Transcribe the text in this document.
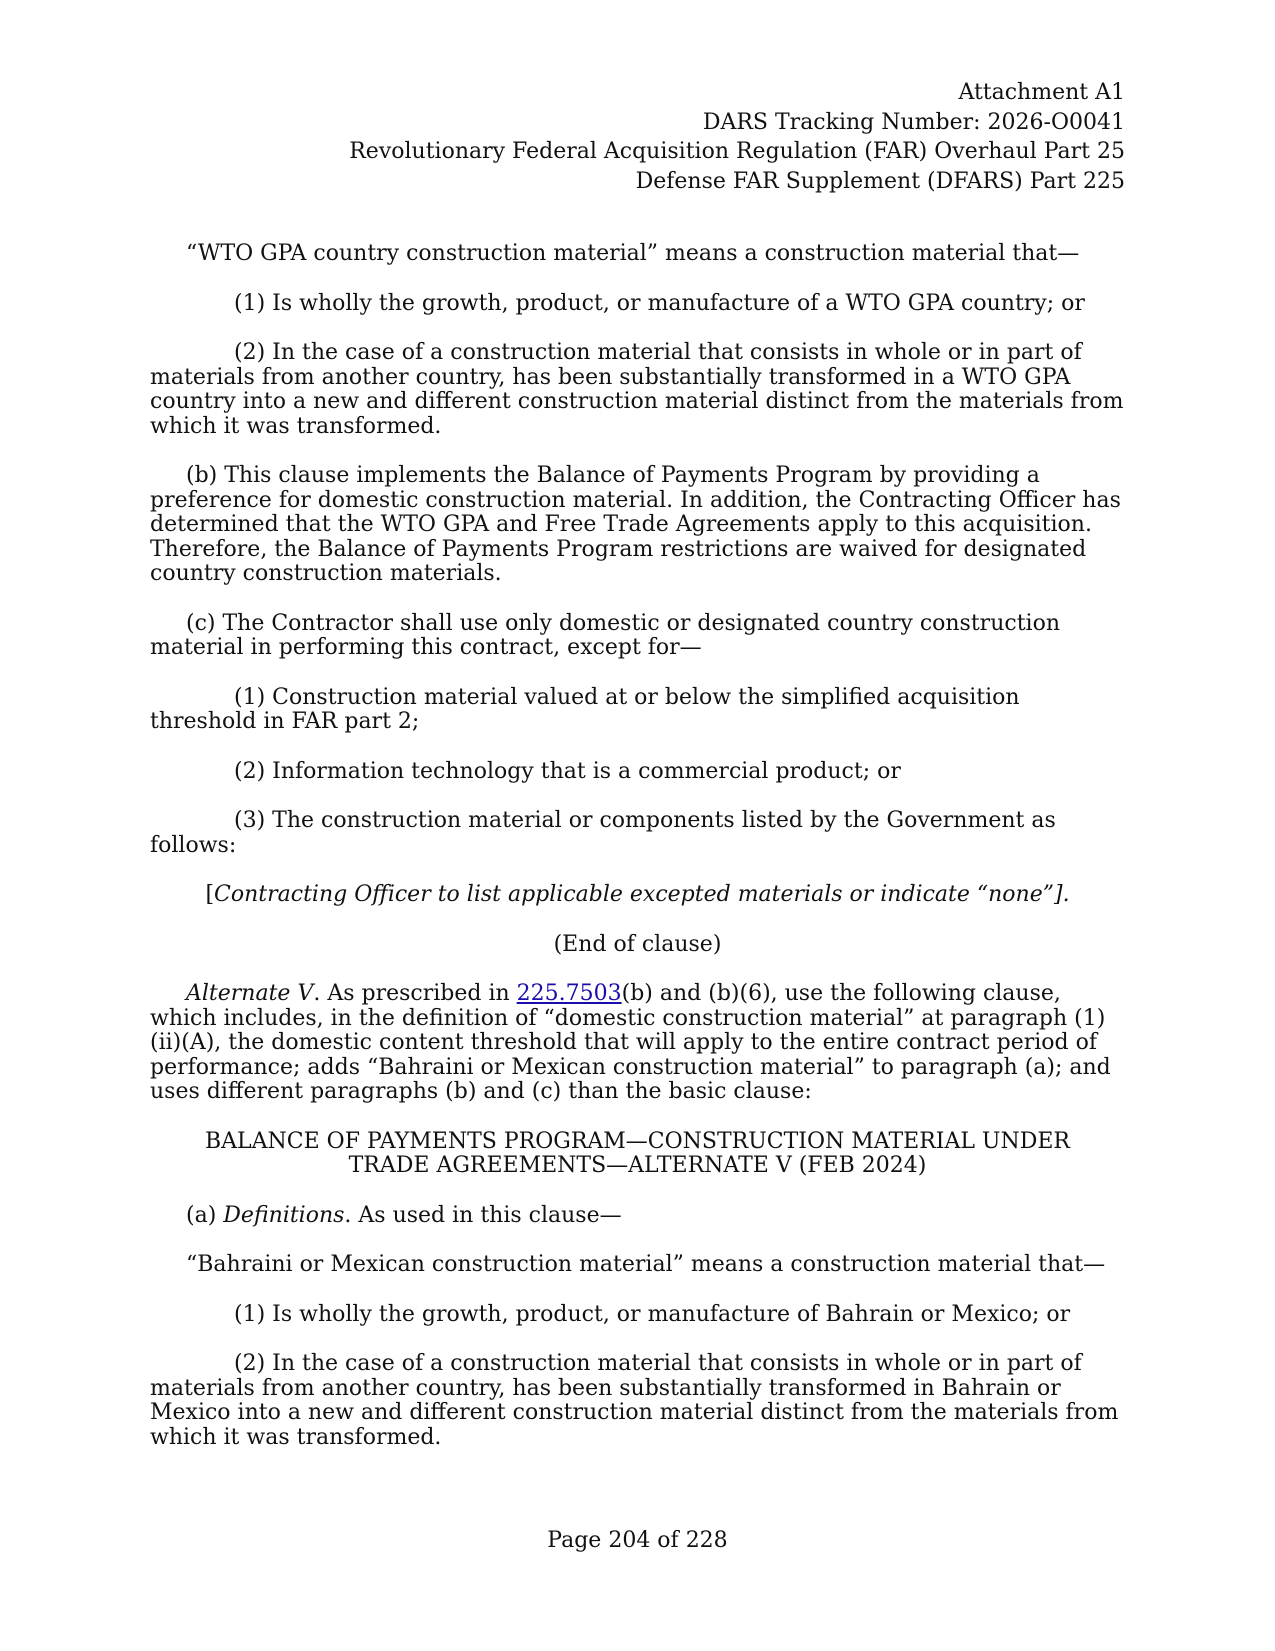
Attachment A1
DARS Tracking Number: 2026-O0041
Revolutionary Federal Acquisition Regulation (FAR) Overhaul Part 25
Defense FAR Supplement (DFARS) Part 225

“WTO GPA country construction material” means a construction material that—

(1) Is wholly the growth, product, or manufacture of a WTO GPA country; or

(2) In the case of a construction material that consists in whole or in part of materials from another country, has been substantially transformed in a WTO GPA country into a new and different construction material distinct from the materials from which it was transformed.

(b) This clause implements the Balance of Payments Program by providing a preference for domestic construction material. In addition, the Contracting Officer has determined that the WTO GPA and Free Trade Agreements apply to this acquisition. Therefore, the Balance of Payments Program restrictions are waived for designated country construction materials.

(c) The Contractor shall use only domestic or designated country construction material in performing this contract, except for—

(1) Construction material valued at or below the simplified acquisition threshold in FAR part 2;

(2) Information technology that is a commercial product; or

(3) The construction material or components listed by the Government as follows:

[Contracting Officer to list applicable excepted materials or indicate “none”].

(End of clause)

Alternate V. As prescribed in 225.7503(b) and (b)(6), use the following clause, which includes, in the definition of “domestic construction material” at paragraph (1)(ii)(A), the domestic content threshold that will apply to the entire contract period of performance; adds “Bahraini or Mexican construction material” to paragraph (a); and uses different paragraphs (b) and (c) than the basic clause:

BALANCE OF PAYMENTS PROGRAM—CONSTRUCTION MATERIAL UNDER
TRADE AGREEMENTS—ALTERNATE V (FEB 2024)

(a) Definitions. As used in this clause—

“Bahraini or Mexican construction material” means a construction material that—

(1) Is wholly the growth, product, or manufacture of Bahrain or Mexico; or

(2) In the case of a construction material that consists in whole or in part of materials from another country, has been substantially transformed in Bahrain or Mexico into a new and different construction material distinct from the materials from which it was transformed.

Page 204 of 228
